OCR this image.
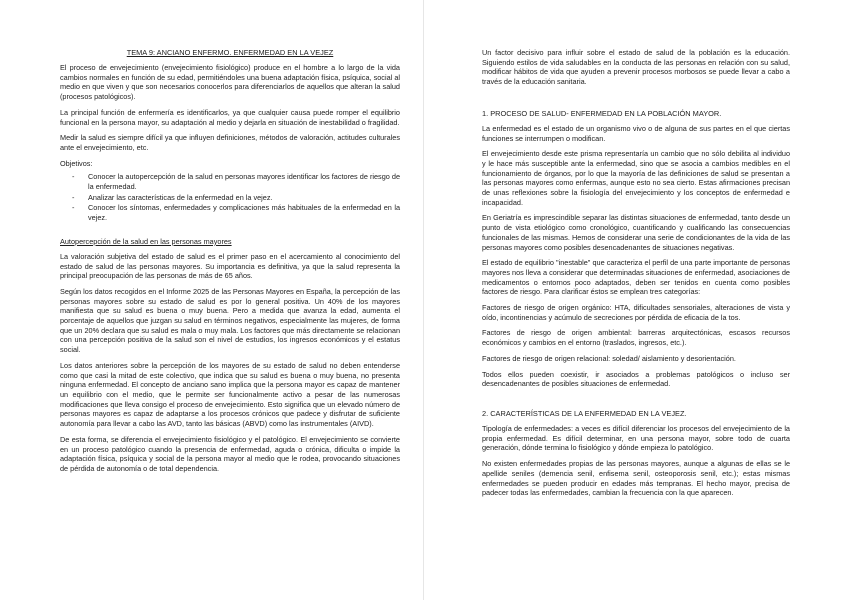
TEMA 9: ANCIANO ENFERMO. ENFERMEDAD EN LA VEJEZ

El proceso de envejecimiento (envejecimiento fisiológico) produce en el hombre a lo largo de la vida cambios normales en función de su edad, permitiéndoles una buena adaptación física, psíquica, social al medio en que viven y que son necesarios conocerlos para diferenciarlos de aquellos que alteran la salud (procesos patológicos).

La principal función de enfermería es identificarlos, ya que cualquier causa puede romper el equilibrio funcional en la persona mayor, su adaptación al medio y dejarla en situación de inestabilidad o fragilidad.

Medir la salud es siempre difícil ya que influyen definiciones, métodos de valoración, actitudes culturales ante el envejecimiento, etc.

Objetivos:

- Conocer la autopercepción de la salud en personas mayores identificar los factores de riesgo de la enfermedad.
- Analizar las características de la enfermedad en la vejez.
- Conocer los síntomas, enfermedades y complicaciones más habituales de la enfermedad en la vejez.
Autopercepción de la salud en las personas mayores

La valoración subjetiva del estado de salud es el primer paso en el acercamiento al conocimiento del estado de salud de las personas mayores. Su importancia es definitiva, ya que la salud representa la principal preocupación de las personas de más de 65 años.

Según los datos recogidos en el Informe 2025 de las Personas Mayores en España, la percepción de las personas mayores sobre su estado de salud es por lo general positiva. Un 40% de los mayores manifiesta que su salud es buena o muy buena. Pero a medida que avanza la edad, aumenta el porcentaje de aquellos que juzgan su salud en términos negativos, especialmente las mujeres, de forma que un 20% declara que su salud es mala o muy mala. Los factores que más directamente se relacionan con una percepción positiva de la salud son el nivel de estudios, los ingresos económicos y el estatus social.

Los datos anteriores sobre la percepción de los mayores de su estado de salud no deben entenderse como que casi la mitad de este colectivo, que indica que su salud es buena o muy buena, no presenta ninguna enfermedad. El concepto de anciano sano implica que la persona mayor es capaz de mantener un equilibrio con el medio, que le permite ser funcionalmente activo a pesar de las numerosas modificaciones que lleva consigo el proceso de envejecimiento. Esto significa que un elevado número de personas mayores es capaz de adaptarse a los procesos crónicos que padece y disfrutar de suficiente autonomía para llevar a cabo las AVD, tanto las básicas (ABVD) como las instrumentales (AIVD).

De esta forma, se diferencia el envejecimiento fisiológico y el patológico. El envejecimiento se convierte en un proceso patológico cuando la presencia de enfermedad, aguda o crónica, dificulta o impide la adaptación física, psíquica y social de la persona mayor al medio que le rodea, provocando situaciones de pérdida de autonomía o de total dependencia.

Un factor decisivo para influir sobre el estado de salud de la población es la educación. Siguiendo estilos de vida saludables en la conducta de las personas en relación con su salud, modificar hábitos de vida que ayuden a prevenir procesos morbosos se puede llevar a cabo a través de la educación sanitaria.

1. PROCESO DE SALUD- ENFERMEDAD EN LA POBLACIÓN MAYOR.

La enfermedad es el estado de un organismo vivo o de alguna de sus partes en el que ciertas funciones se interrumpen o modifican.

El envejecimiento desde este prisma representaría un cambio que no sólo debilita al individuo y le hace más susceptible ante la enfermedad, sino que se asocia a cambios medibles en el funcionamiento de órganos, por lo que la mayoría de las definiciones de salud se presentan a las personas mayores como enfermas, aunque esto no sea cierto. Estas afirmaciones precisan de unas reflexiones sobre la fisiología del envejecimiento y los conceptos de enfermedad e incapacidad.

En Geriatría es imprescindible separar las distintas situaciones de enfermedad, tanto desde un punto de vista etiológico como cronológico, cuantificando y cualificando las consecuencias funcionales de las mismas. Hemos de considerar una serie de condicionantes de la vida de las personas mayores como posibles desencadenantes de situaciones negativas.

El estado de equilibrio "inestable" que caracteriza el perfil de una parte importante de personas mayores nos lleva a considerar que determinadas situaciones de enfermedad, asociaciones de medicamentos o entornos poco adaptados, deben ser tenidos en cuenta como posibles factores de riesgo. Para clarificar éstos se emplean tres categorías:

Factores de riesgo de origen orgánico: HTA, dificultades sensoriales, alteraciones de vista y oído, incontinencias y acúmulo de secreciones por pérdida de eficacia de la tos.

Factores de riesgo de origen ambiental: barreras arquitectónicas, escasos recursos económicos y cambios en el entorno (traslados, ingresos, etc.).

Factores de riesgo de origen relacional: soledad/ aislamiento y desorientación.

Todos ellos pueden coexistir, ir asociados a problemas patológicos o incluso ser desencadenantes de posibles situaciones de enfermedad.

2. CARACTERÍSTICAS DE LA ENFERMEDAD EN LA VEJEZ.

Tipología de enfermedades: a veces es difícil diferenciar los procesos del envejecimiento de la propia enfermedad. Es difícil determinar, en una persona mayor, sobre todo de cuarta generación, dónde termina lo fisiológico y dónde empieza lo patológico.

No existen enfermedades propias de las personas mayores, aunque a algunas de ellas se le apellide seniles (demencia senil, enfisema senil, osteoporosis senil, etc.); estas mismas enfermedades se pueden producir en edades más tempranas. El hecho mayor, precisa de padecer todas las enfermedades, cambian la frecuencia con la que aparecen.
